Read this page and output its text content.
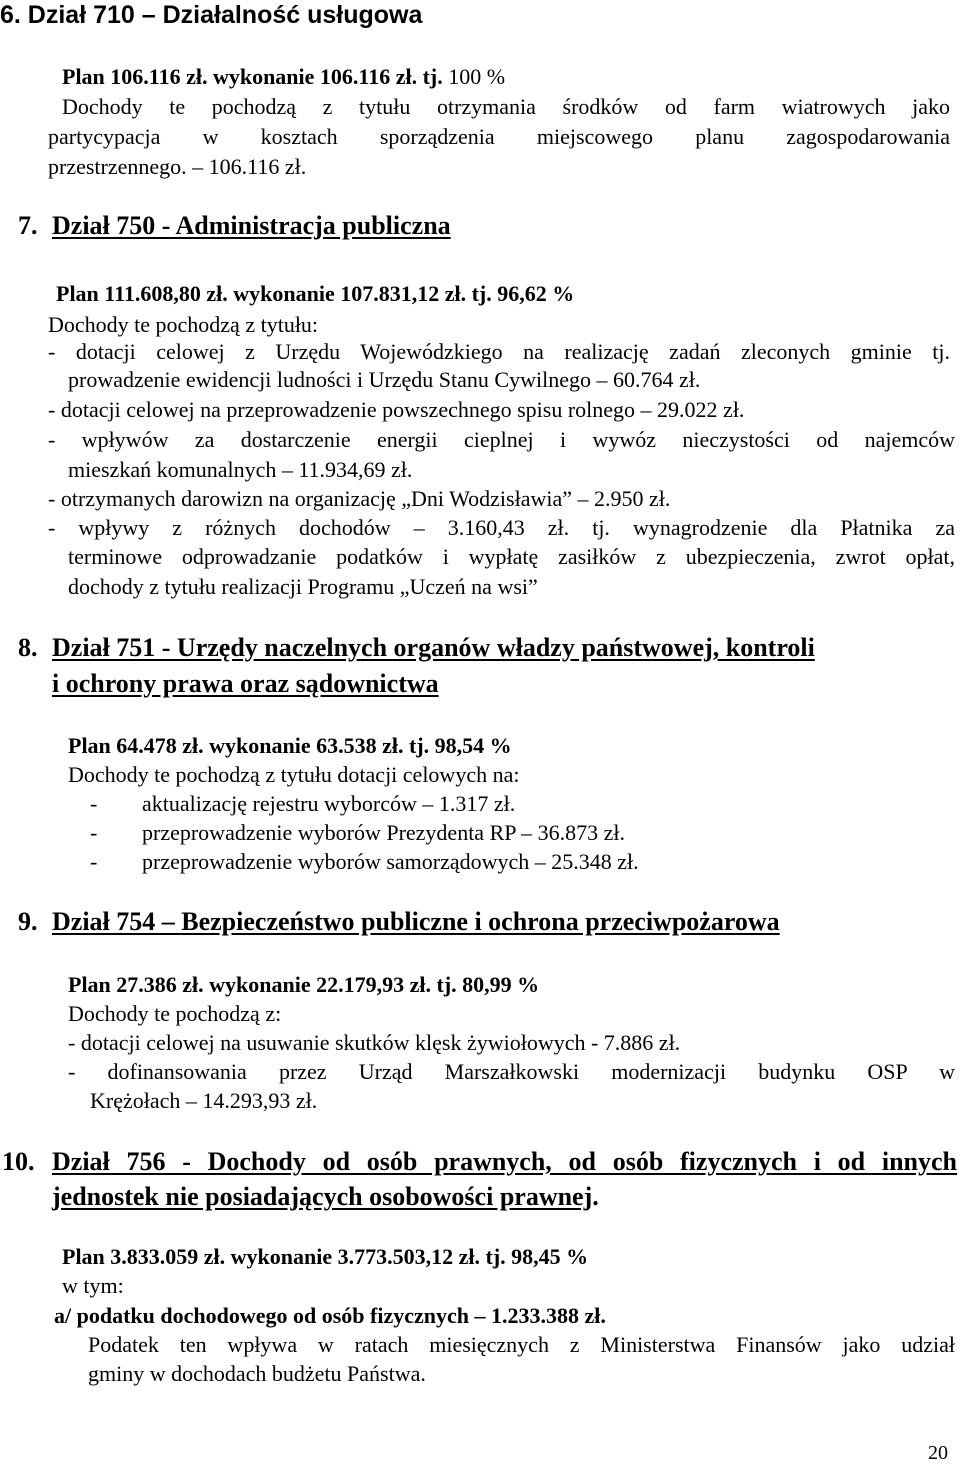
6. Dział 710 – Działalność usługowa
Plan 106.116 zł. wykonanie 106.116 zł. tj. 100 %
Dochody te pochodzą z tytułu otrzymania środków od farm wiatrowych jako
partycypacja w kosztach sporządzenia miejscowego planu zagospodarowania
przestrzennego. – 106.116 zł.
7. Dział 750 - Administracja publiczna
Plan 111.608,80 zł. wykonanie 107.831,12 zł. tj. 96,62 %
Dochody te pochodzą z tytułu:
- dotacji celowej z Urzędu Wojewódzkiego na realizację zadań zleconych gminie tj.
prowadzenie ewidencji ludności i Urzędu Stanu Cywilnego – 60.764 zł.
- dotacji celowej na przeprowadzenie powszechnego spisu rolnego – 29.022 zł.
- wpływów za dostarczenie energii cieplnej i wywóz nieczystości od najemców
mieszkań komunalnych – 11.934,69 zł.
- otrzymanych darowizn na organizację „Dni Wodzisławia” – 2.950 zł.
- wpływy z różnych dochodów – 3.160,43 zł. tj. wynagrodzenie dla Płatnika za
terminowe odprowadzanie podatków i wypłatę zasiłków z ubezpieczenia, zwrot opłat,
dochody z tytułu realizacji Programu „Uczeń na wsi”
8. Dział 751 - Urzędy naczelnych organów władzy państwowej, kontroli
i ochrony prawa oraz sądownictwa
Plan 64.478 zł. wykonanie 63.538 zł. tj. 98,54 %
Dochody te pochodzą z tytułu dotacji celowych na:
- aktualizację rejestru wyborców – 1.317 zł.
- przeprowadzenie wyborów Prezydenta RP – 36.873 zł.
- przeprowadzenie wyborów samorządowych – 25.348 zł.
9. Dział 754 – Bezpieczeństwo publiczne i ochrona przeciwpożarowa
Plan 27.386 zł. wykonanie 22.179,93 zł. tj. 80,99 %
Dochody te pochodzą z:
- dotacji celowej na usuwanie skutków klęsk żywiołowych - 7.886 zł.
- dofinansowania przez Urząd Marszałkowski modernizacji budynku OSP w
Krężołach – 14.293,93 zł.
10. Dział 756 - Dochody od osób prawnych, od osób fizycznych i od innych
jednostek nie posiadających osobowości prawnej.
Plan 3.833.059 zł. wykonanie 3.773.503,12 zł. tj. 98,45 %
w tym:
a/ podatku dochodowego od osób fizycznych – 1.233.388 zł.
Podatek ten wpływa w ratach miesięcznych z Ministerstwa Finansów jako udział
gminy w dochodach budżetu Państwa.
20
